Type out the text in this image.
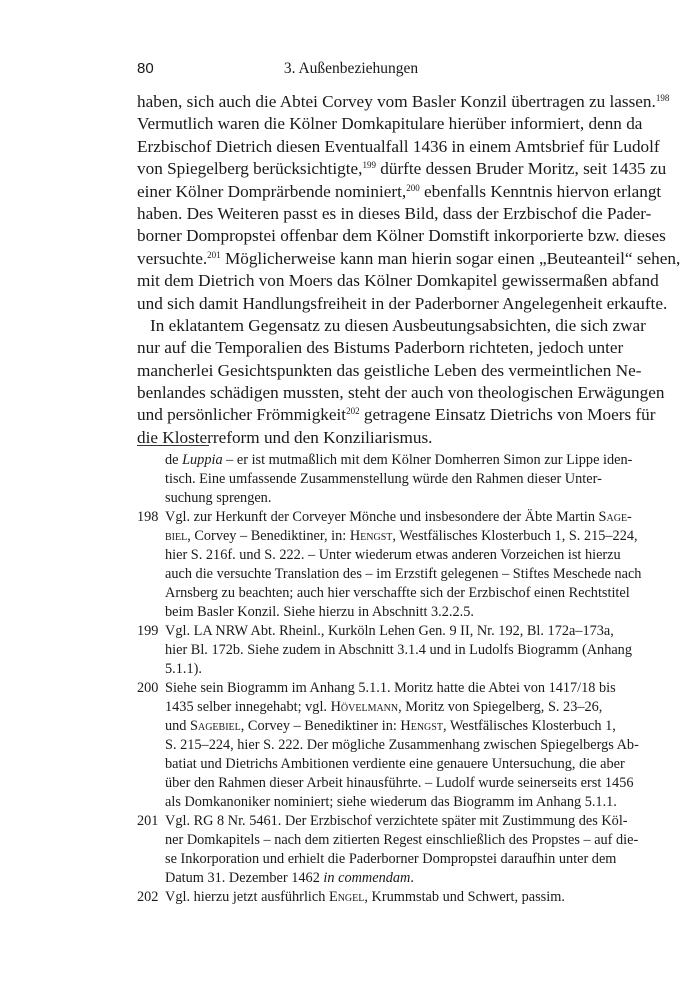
80	3. Außenbeziehungen
haben, sich auch die Abtei Corvey vom Basler Konzil übertragen zu lassen.$^{198}$
Vermutlich waren die Kölner Domkapitulare hierüber informiert, denn da
Erzbischof Dietrich diesen Eventualfall 1436 in einem Amtsbrief für Ludolf
von Spiegelberg berücksichtigte,$^{199}$ dürfte dessen Bruder Moritz, seit 1435 zu
einer Kölner Domprärbende nominiert,$^{200}$ ebenfalls Kenntnis hiervon erlangt
haben. Des Weiteren passt es in dieses Bild, dass der Erzbischof die Pader-
borner Dompropstei offenbar dem Kölner Domstift inkorporierte bzw. dieses
versuchte.$^{201}$ Möglicherweise kann man hierin sogar einen „Beuteanteil“ sehen,
mit dem Dietrich von Moers das Kölner Domkapitel gewissermaßen abfand
und sich damit Handlungsfreiheit in der Paderborner Angelegenheit erkaufte.
In eklatantem Gegensatz zu diesen Ausbeutungsabsichten, die sich zwar
nur auf die Temporalien des Bistums Paderborn richteten, jedoch unter
mancherlei Gesichtspunkten das geistliche Leben des vermeintlichen Ne-
benlandes schädigen mussten, steht der auch von theologischen Erwägungen
und persönlicher Frömmigkeit$^{202}$ getragene Einsatz Dietrichs von Moers für
die Klosterreform und den Konziliarismus.
de Luppia – er ist mutmaßlich mit dem Kölner Domherren Simon zur Lippe iden-
tisch. Eine umfassende Zusammenstellung würde den Rahmen dieser Unter-
suchung sprengen.
198 Vgl. zur Herkunft der Corveyer Mönche und insbesondere der Äbte Martin Sage-
biel, Corvey – Benediktiner, in: Hengst, Westfälisches Klosterbuch 1, S. 215–224,
hier S. 216f. und S. 222. – Unter wiederum etwas anderen Vorzeichen ist hierzu
auch die versuchte Translation des – im Erzstift gelegenen – Stiftes Meschede nach
Arnsberg zu beachten; auch hier verschaffte sich der Erzbischof einen Rechtstitel
beim Basler Konzil. Siehe hierzu in Abschnitt 3.2.2.5.
199 Vgl. LA NRW Abt. Rheinl., Kurköln Lehen Gen. 9 II, Nr. 192, Bl. 172a–173a,
hier Bl. 172b. Siehe zudem in Abschnitt 3.1.4 und in Ludolfs Biogramm (Anhang
5.1.1).
200 Siehe sein Biogramm im Anhang 5.1.1. Moritz hatte die Abtei von 1417/18 bis
1435 selber innegehabt; vgl. Hövelmann, Moritz von Spiegelberg, S. 23–26,
und Sagebiel, Corvey – Benediktiner in: Hengst, Westfälisches Klosterbuch 1,
S. 215–224, hier S. 222. Der mögliche Zusammenhang zwischen Spiegelbergs Ab-
batiat und Dietrichs Ambitionen verdiente eine genauere Untersuchung, die aber
über den Rahmen dieser Arbeit hinausführte. – Ludolf wurde seinerseits erst 1456
als Domkanoniker nominiert; siehe wiederum das Biogramm im Anhang 5.1.1.
201 Vgl. RG 8 Nr. 5461. Der Erzbischof verzichtete später mit Zustimmung des Köl-
ner Domkapitels – nach dem zitierten Regest einschließlich des Propstes – auf die-
se Inkorporation und erhielt die Paderborner Dompropstei daraufhin unter dem
Datum 31. Dezember 1462 in commendam.
202 Vgl. hierzu jetzt ausführlich Engel, Krummstab und Schwert, passim.
